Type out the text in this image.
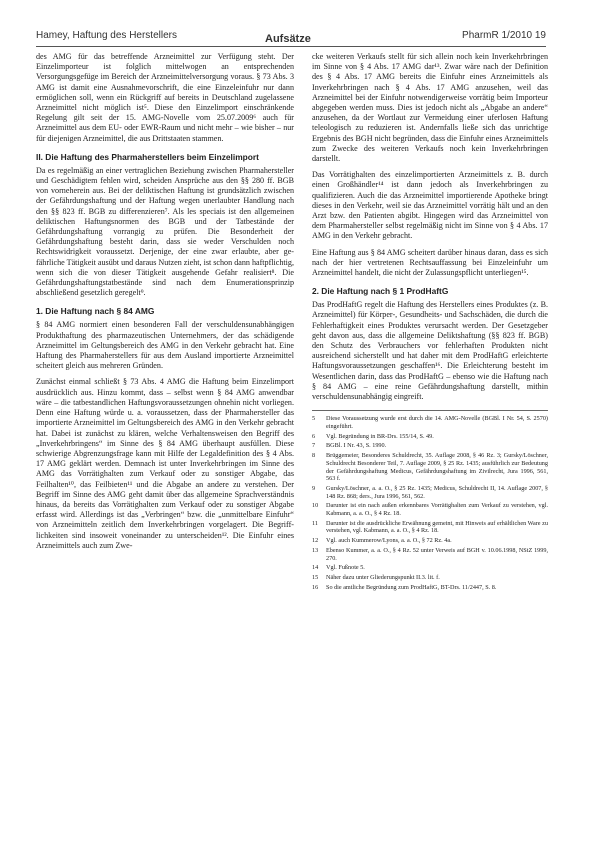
Hamey, Haftung des Herstellers	Aufsätze	PharmR 1/2010 19

des AMG für das betreffende Arzneimittel zur Verfügung steht. Der Einzelimporteur ist folglich mittelwogen an entsprechenden Versorgungsgefüge im Bereich der Arzneimittelversorgung voraus. § 73 Abs. 3 AMG ist damit eine Ausnahmevorschrift, die eine Einzeleinfuhr nur dann ermöglichen soll, wenn ein Rückgriff auf bereits in Deutschland zugelassene Arzneimittel nicht möglich ist⁵. Diese den Einzelimport einschränkende Regelung gilt seit der 15. AMG-Novelle vom 25.07.2009⁶ auch für Arzneimittel aus dem EU- oder EWR-Raum und nicht mehr – wie bisher – nur für diejenigen Arzneimittel, die aus Drittstaaten stammen.

II. Die Haftung des Pharmaherstellers beim Einzelimport

Da es regelmäßig an einer vertraglichen Beziehung zwischen Pharmahersteller und Geschädigtem fehlen wird, scheiden Ansprüche aus den §§ 280 ff. BGB von vorneherein aus. Bei der deliktischen Haftung ist grundsätzlich zwischen der Gefährdungshaftung und der Haftung wegen unerlaubter Handlung nach den §§ 823 ff. BGB zu differenzieren⁷. Als les speciais ist den allgemeinen deliktischen Haftungsnormen des BGB und der Tatbestände der Gefährdungshaftung vorrangig zu prüfen. Die Besonderheit der Gefährdungshaftung besteht darin, dass sie weder Verschulden noch Rechtswidrigkeit voraussetzt. Derjenige, der eine zwar erlaubte, aber gefährliche Tätigkeit ausübt und daraus Nutzen zieht, ist schon dann haftpflichtig, wenn sich die von dieser Tätigkeit ausgehende Gefahr realisiert⁸. Die Gefährdungshaftungstatbestände sind nach dem Enumerationsprinzip abschließend gesetzlich geregelt⁹.

1. Die Haftung nach § 84 AMG

§ 84 AMG normiert einen besonderen Fall der verschuldensunabhängigen Produkthaftung des pharmazeutischen Unternehmers, der das schädigende Arzneimittel im Geltungsbereich des AMG in den Verkehr gebracht hat. Eine Haftung des Pharmaherstellers für aus dem Ausland importierte Arzneimittel scheitert gleich aus mehreren Gründen.

Zunächst einmal schließt § 73 Abs. 4 AMG die Haftung beim Einzelimport ausdrücklich aus. Hinzu kommt, dass – selbst wenn § 84 AMG anwendbar wäre – die tatbestandlichen Haftungsvoraussetzungen ohnehin nicht vorliegen. Denn eine Haftung würde u. a. voraussetzen, dass der Pharmahersteller das importierte Arzneimittel im Geltungsbereich des AMG in den Verkehr gebracht hat. Dabei ist zunächst zu klären, welche Verhaltensweisen den Begriff des „Inverkehrbringens“ im Sinne des § 84 AMG überhaupt ausfüllen. Diese schwierige Abgrenzungsfrage kann mit Hilfe der Legaldefinition des § 4 Abs. 17 AMG geklärt werden. Demnach ist unter Inverkehrbringen im Sinne des AMG das Vorrätighalten zum Verkauf oder zu sonstiger Abgabe, das Feilhalten¹⁰, das Feilbieten¹¹ und die Abgabe an andere zu verstehen. Der Begriff im Sinne des AMG geht damit über das allgemeine Sprachverständnis hinaus, da bereits das Vorrätighalten zum Verkauf oder zu sonstiger Abgabe erfasst wird. Allerdings ist das „Verbringen“ bzw. die „unmittelbare Einfuhr“ von Arzneimitteln zeitlich dem Inverkehrbringen vorgelagert. Die Begrifflichkeiten sind insoweit voneinander zu unterscheiden¹². Die Einfuhr eines Arzneimittels auch zum Zwe-

cke weiteren Verkaufs stellt für sich allein noch kein Inverkehrbringen im Sinne von § 4 Abs. 17 AMG dar¹³. Zwar wäre nach der Definition des § 4 Abs. 17 AMG bereits die Einfuhr eines Arzneimittels als Inverkehrbringen nach § 4 Abs. 17 AMG anzusehen, weil das Arzneimittel bei der Einfuhr notwendigerweise vorrätig beim Importeur abgegeben werden muss. Dies ist jedoch nicht als „Abgabe an andere“ anzusehen, da der Wortlaut zur Vermeidung einer uferlosen Haftung teleologisch zu reduzieren ist. Andernfalls ließe sich das unrichtige Ergebnis des BGH nicht begründen, dass die Einfuhr eines Arzneimittels zum Zwecke des weiteren Verkaufs noch kein Inverkehrbringen darstellt.

Das Vorrätighalten des einzelimportierten Arzneimittels z. B. durch einen Großhändler¹⁴ ist dann jedoch als Inverkehrbringen zu qualifizieren. Auch die das Arzneimittel importierende Apotheke bringt dieses in den Verkehr, weil sie das Arzneimittel vorrätig hält und an den Arzt bzw. den Patienten abgibt. Hingegen wird das Arzneimittel von dem Pharmahersteller selbst regelmäßig nicht im Sinne von § 4 Abs. 17 AMG in den Verkehr gebracht.

Eine Haftung aus § 84 AMG scheitert darüber hinaus daran, dass es sich nach der hier vertretenen Rechtsauffassung bei Einzeleinfuhr um Arzneimittel handelt, die nicht der Zulassungspflicht unterliegen¹⁵.

2. Die Haftung nach § 1 ProdHaftG

Das ProdHaftG regelt die Haftung des Herstellers eines Produktes (z. B. Arzneimittel) für Körper-, Gesundheits- und Sachschäden, die durch die Fehlerhaftigkeit eines Produktes verursacht werden. Der Gesetzgeber geht davon aus, dass die allgemeine Deliktshaftung (§§ 823 ff. BGB) den Schutz des Verbrauchers vor fehlerhaften Produkten nicht ausreichend sicherstellt und hat daher mit dem ProdHaftG erleichterte Haftungsvoraussetzungen geschaffen¹⁶. Die Erleichterung besteht im Wesentlichen darin, dass das ProdHaftG – ebenso wie die Haftung nach § 84 AMG – eine reine Gefährdungshaftung darstellt, mithin verschuldensunabhängig eingreift.

5	Diese Voraussetzung wurde erst durch die 14. AMG-Novelle (BGBl. I Nr. 54, S. 2570) eingeführt.
6	Vgl. Begründung in BR-Drs. 155/14, S. 49.
7	BGBl. I Nr. 43, S. 1990.
8	Brüggemeier, Besonderes Schuldrecht, 35. Auflage 2008, § 46 Rz. 3; Gursky/Löschner, Schuldrecht Besonderer Teil, 7. Auflage 2009, § 25 Rz. 1435; ausführlich zur Bedeutung der Gefährdungshaftung Medicus, Gefährdungshaftung im Zivilrecht, Jura 1996, 561, 563 f.
9	Gursky/Löschner, a. a. O., § 25 Rz. 1435; Medicus, Schuldrecht II, 14. Auflage 2007, § 148 Rz. 868; ders., Jura 1996, 561, 562.
10	Darunter ist ein nach außen erkennbares Vorrätighalten zum Verkauf zu verstehen, vgl. Kabmann, a. a. O., § 4 Rz. 18.
11	Darunter ist die ausdrückliche Erwähnung gemeint, mit Hinweis auf erhältlichen Ware zu verstehen, vgl. Kabmann, a. a. O., § 4 Rz. 18.
12	Vgl. auch Kummerow/Lyons, a. a. O., § 72 Rz. 4a.
13	Ebenso Kummer, a. a. O., § 4 Rz. 52 unter Verweis auf BGH v. 10.06.1998, NStZ 1999, 270.
14	Vgl. Fußnote 5.
15	Näher dazu unter Gliederungspunkt II.3. lit. f.
16	So die amtliche Begründung zum ProdHaftG, BT-Drs. 11/2447, S. 8.
